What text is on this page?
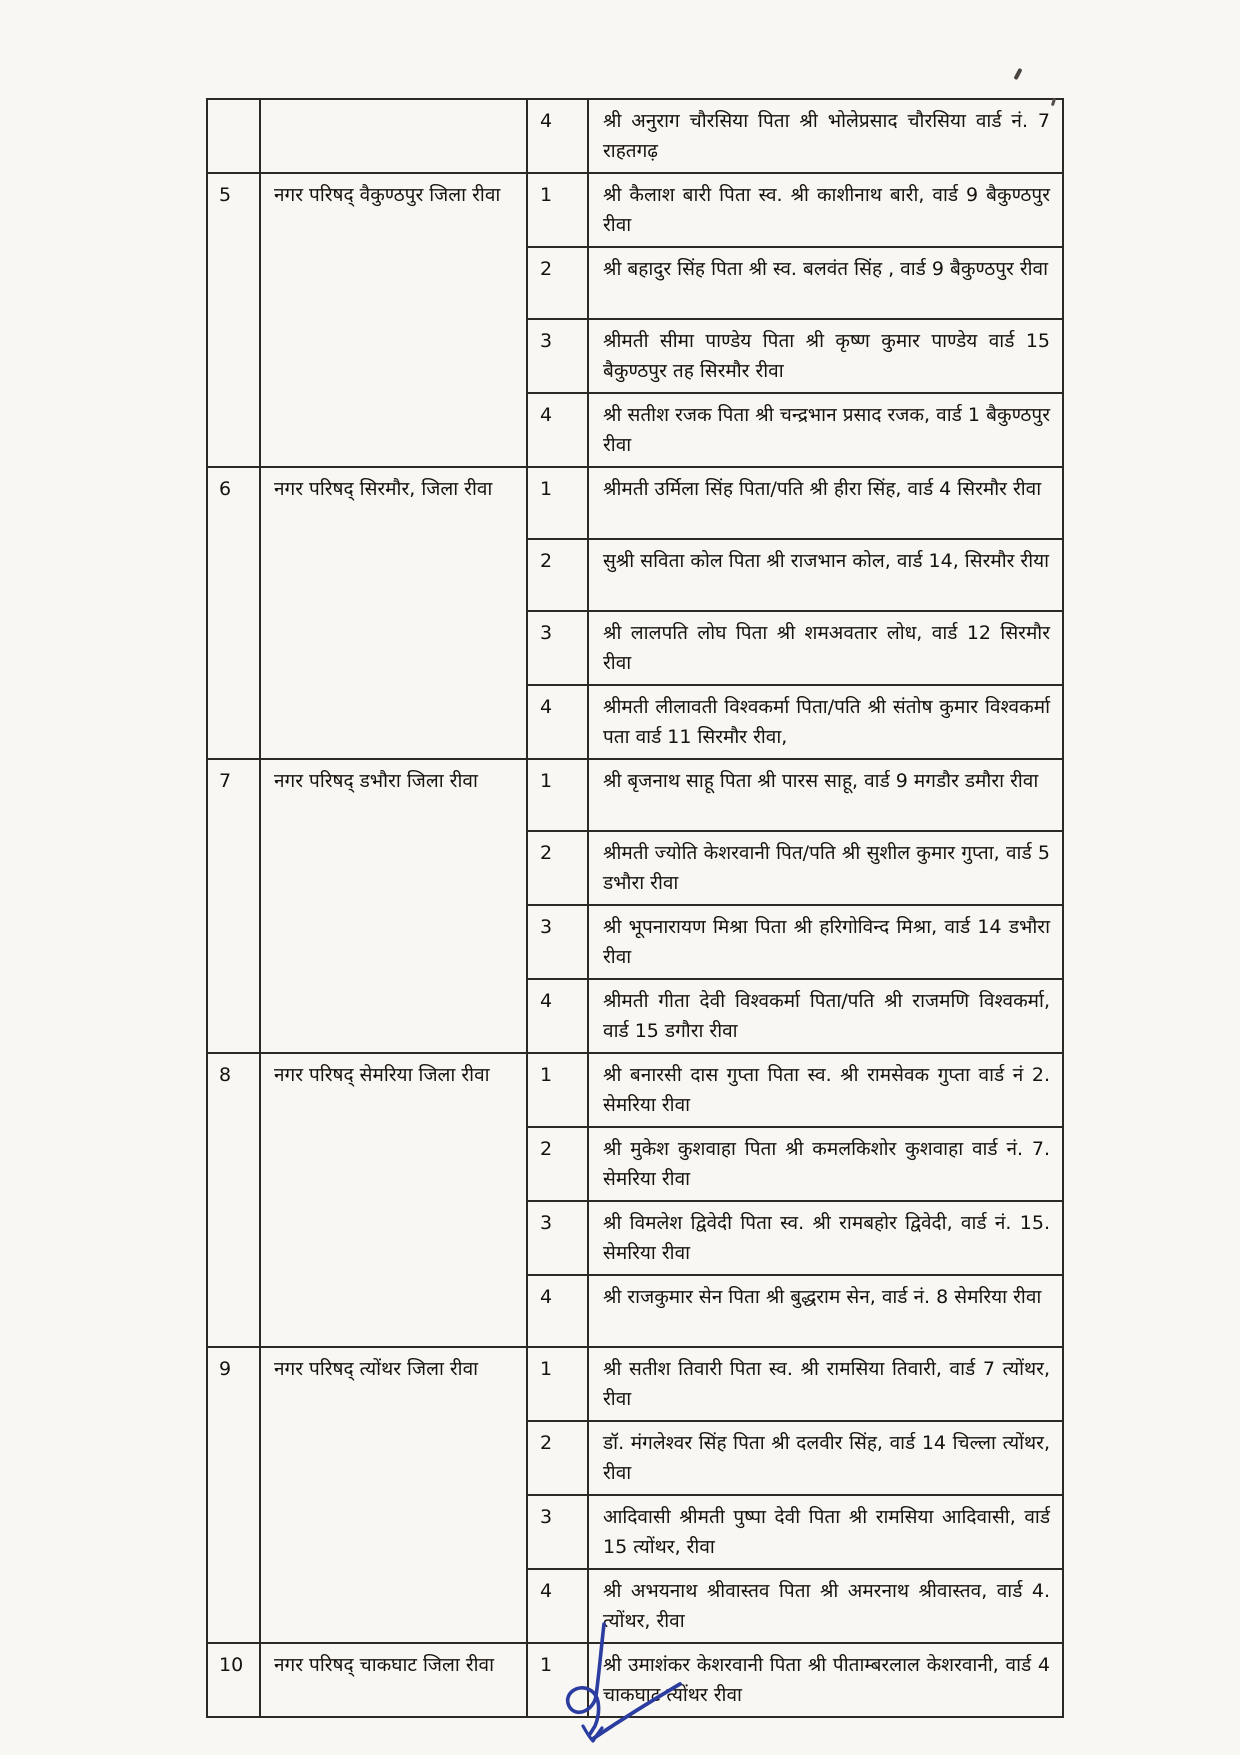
		4	श्री अनुराग चौरसिया पिता श्री भोलेप्रसाद चौरसिया वार्ड नं. 7 राहतगढ़
5	नगर परिषद् वैकुण्ठपुर जिला रीवा	1	श्री कैलाश बारी पिता स्व. श्री काशीनाथ बारी, वार्ड 9 बैकुण्ठपुर रीवा
		2	श्री बहादुर सिंह पिता श्री स्व. बलवंत सिंह , वार्ड 9 बैकुण्ठपुर रीवा
		3	श्रीमती सीमा पाण्डेय पिता श्री कृष्ण कुमार पाण्डेय वार्ड 15 बैकुण्ठपुर तह सिरमौर रीवा
		4	श्री सतीश रजक पिता श्री चन्द्रभान प्रसाद रजक, वार्ड 1 बैकुण्ठपुर रीवा
6	नगर परिषद् सिरमौर, जिला रीवा	1	श्रीमती उर्मिला सिंह पिता/पति श्री हीरा सिंह, वार्ड 4 सिरमौर रीवा
		2	सुश्री सविता कोल पिता श्री राजभान कोल, वार्ड 14, सिरमौर रीया
		3	श्री लालपति लोघ पिता श्री शमअवतार लोध, वार्ड 12 सिरमौर रीवा
		4	श्रीमती लीलावती विश्वकर्मा पिता/पति श्री संतोष कुमार विश्वकर्मा पता वार्ड 11 सिरमौर रीवा,
7	नगर परिषद् डभौरा जिला रीवा	1	श्री बृजनाथ साहू पिता श्री पारस साहू, वार्ड 9 मगडौर डमौरा रीवा
		2	श्रीमती ज्योति केशरवानी पित/पति श्री सुशील कुमार गुप्ता, वार्ड 5 डभौरा रीवा
		3	श्री भूपनारायण मिश्रा पिता श्री हरिगोविन्द मिश्रा, वार्ड 14 डभौरा रीवा
		4	श्रीमती गीता देवी विश्वकर्मा पिता/पति श्री राजमणि विश्वकर्मा, वार्ड 15 डगौरा रीवा
8	नगर परिषद् सेमरिया जिला रीवा	1	श्री बनारसी दास गुप्ता पिता स्व. श्री रामसेवक गुप्ता वार्ड नं 2. सेमरिया रीवा
		2	श्री मुकेश कुशवाहा पिता श्री कमलकिशोर कुशवाहा वार्ड नं. 7. सेमरिया रीवा
		3	श्री विमलेश द्विवेदी पिता स्व. श्री रामबहोर द्विवेदी, वार्ड नं. 15. सेमरिया रीवा
		4	श्री राजकुमार सेन पिता श्री बुद्धराम सेन, वार्ड नं. 8 सेमरिया रीवा
9	नगर परिषद् त्योंथर जिला रीवा	1	श्री सतीश तिवारी पिता स्व. श्री रामसिया तिवारी, वार्ड 7 त्योंथर, रीवा
		2	डॉ. मंगलेश्वर सिंह पिता श्री दलवीर सिंह, वार्ड 14 चिल्ला त्योंथर, रीवा
		3	आदिवासी श्रीमती पुष्पा देवी पिता श्री रामसिया आदिवासी, वार्ड 15 त्योंथर, रीवा
		4	श्री अभयनाथ श्रीवास्तव पिता श्री अमरनाथ श्रीवास्तव, वार्ड 4. त्योंथर, रीवा
10	नगर परिषद् चाकघाट जिला रीवा	1	श्री उमाशंकर केशरवानी पिता श्री पीताम्बरलाल केशरवानी, वार्ड 4 चाकघाट त्योंथर रीवा
